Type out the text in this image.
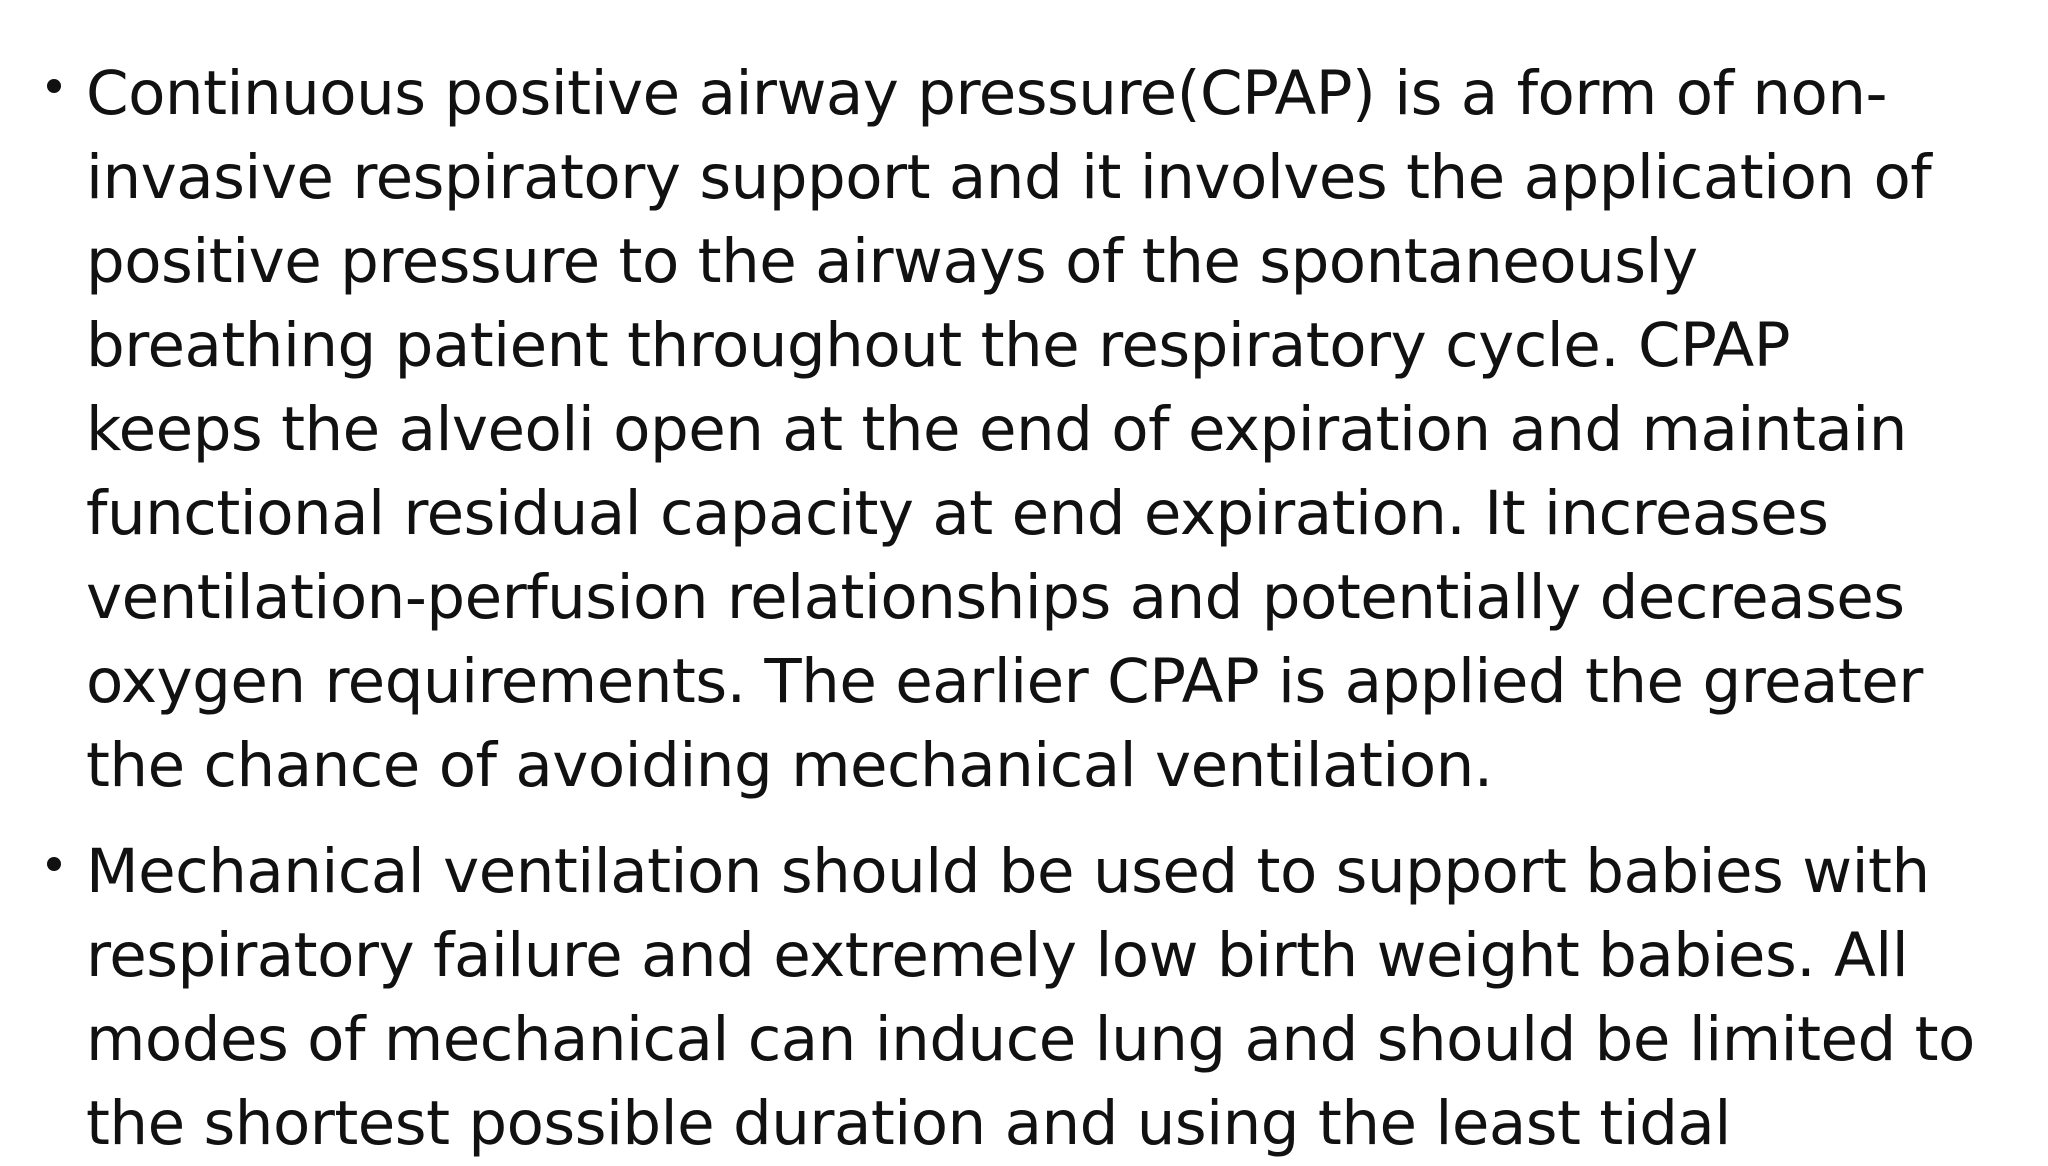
Continuous positive airway pressure(CPAP) is a form of non-

invasive respiratory support and it involves the application of

positive pressure to the airways of the spontaneously

breathing patient throughout the respiratory cycle. CPAP

keeps the alveoli open at the end of expiration and maintain

functional residual capacity at end expiration. It increases

ventilation-perfusion relationships and potentially decreases

oxygen requirements. The earlier CPAP is applied the greater

the chance of avoiding mechanical ventilation.

Mechanical ventilation should be used to support babies with

respiratory failure and extremely low birth weight babies. All

modes of mechanical can induce lung and should be limited to

the shortest possible duration and using the least tidal
